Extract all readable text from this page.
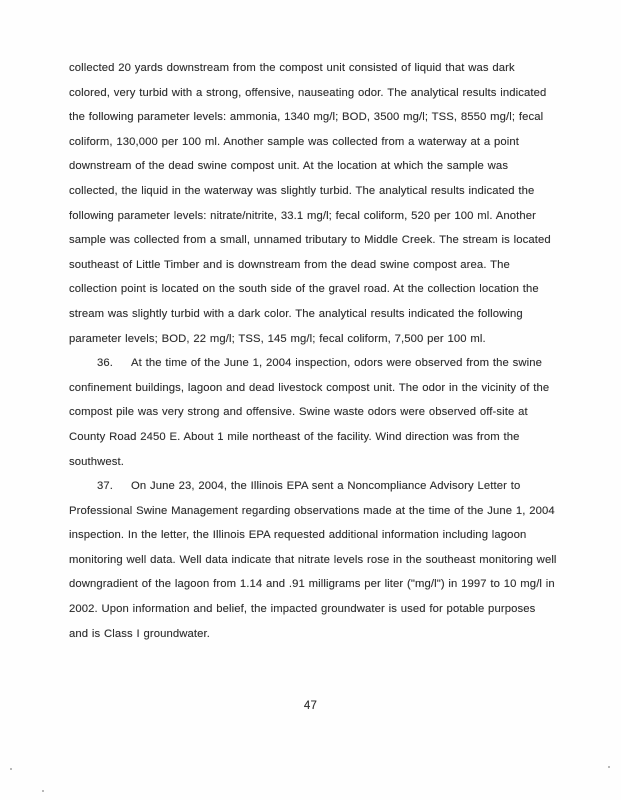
collected 20 yards downstream from the compost unit consisted of liquid that was dark colored, very turbid with a strong, offensive, nauseating odor. The analytical results indicated the following parameter levels: ammonia, 1340 mg/l; BOD, 3500 mg/l; TSS, 8550 mg/l; fecal coliform, 130,000 per 100 ml. Another sample was collected from a waterway at a point downstream of the dead swine compost unit. At the location at which the sample was collected, the liquid in the waterway was slightly turbid. The analytical results indicated the following parameter levels: nitrate/nitrite, 33.1 mg/l; fecal coliform, 520 per 100 ml. Another sample was collected from a small, unnamed tributary to Middle Creek. The stream is located southeast of Little Timber and is downstream from the dead swine compost area. The collection point is located on the south side of the gravel road. At the collection location the stream was slightly turbid with a dark color. The analytical results indicated the following parameter levels; BOD, 22 mg/l; TSS, 145 mg/l; fecal coliform, 7,500 per 100 ml.

36. At the time of the June 1, 2004 inspection, odors were observed from the swine confinement buildings, lagoon and dead livestock compost unit. The odor in the vicinity of the compost pile was very strong and offensive. Swine waste odors were observed off-site at County Road 2450 E. About 1 mile northeast of the facility. Wind direction was from the southwest.

37. On June 23, 2004, the Illinois EPA sent a Noncompliance Advisory Letter to Professional Swine Management regarding observations made at the time of the June 1, 2004 inspection. In the letter, the Illinois EPA requested additional information including lagoon monitoring well data. Well data indicate that nitrate levels rose in the southeast monitoring well downgradient of the lagoon from 1.14 and .91 milligrams per liter ("mg/l") in 1997 to 10 mg/l in 2002. Upon information and belief, the impacted groundwater is used for potable purposes and is Class I groundwater.

47
